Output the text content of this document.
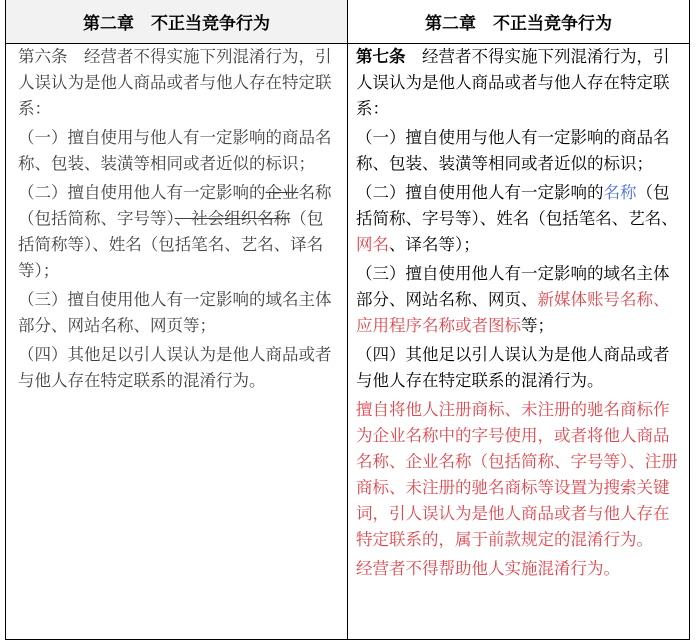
第二章　不正当竞争行为	第二章　不正当竞争行为

第六条　经营者不得实施下列混淆行为，引人误认为是他人商品或者与他人存在特定联系：

（一）擅自使用与他人有一定影响的商品名称、包装、装潢等相同或者近似的标识；

（二）擅自使用他人有一定影响的企业名称（包括简称、字号等）、社会组织名称（包括简称等）、姓名（包括笔名、艺名、译名等）；

（三）擅自使用他人有一定影响的域名主体部分、网站名称、网页等；

（四）其他足以引人误认为是他人商品或者与他人存在特定联系的混淆行为。

第七条　经营者不得实施下列混淆行为，引人误认为是他人商品或者与他人存在特定联系：

（一）擅自使用与他人有一定影响的商品名称、包装、装潢等相同或者近似的标识；

（二）擅自使用他人有一定影响的名称（包括简称、字号等）、姓名（包括笔名、艺名、网名、译名等）；

（三）擅自使用他人有一定影响的域名主体部分、网站名称、网页、新媒体账号名称、应用程序名称或者图标等；

（四）其他足以引人误认为是他人商品或者与他人存在特定联系的混淆行为。

擅自将他人注册商标、未注册的驰名商标作为企业名称中的字号使用，或者将他人商品名称、企业名称（包括简称、字号等）、注册商标、未注册的驰名商标等设置为搜索关键词，引人误认为是他人商品或者与他人存在特定联系的，属于前款规定的混淆行为。

经营者不得帮助他人实施混淆行为。
